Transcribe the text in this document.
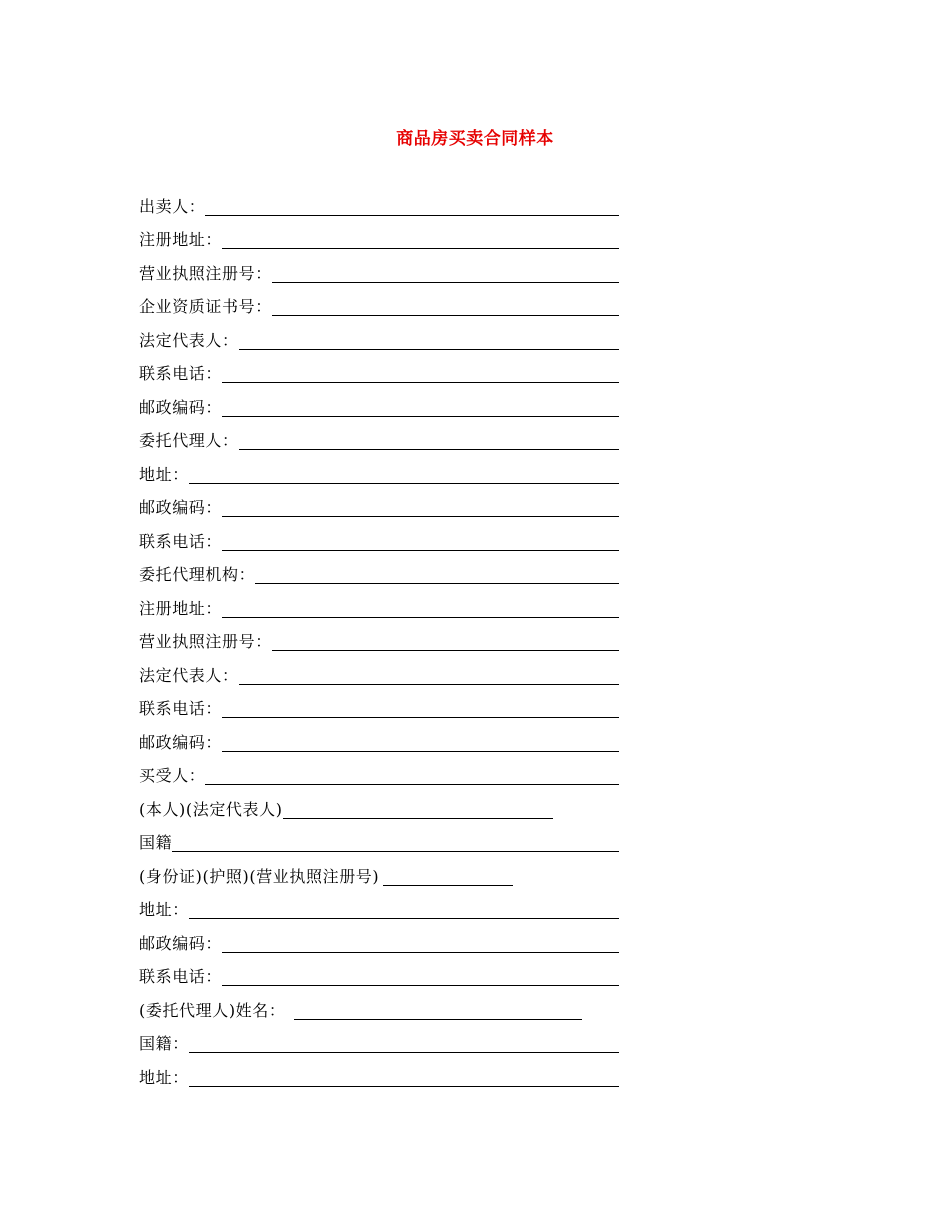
商品房买卖合同样本
出卖人：
注册地址：
营业执照注册号：
企业资质证书号：
法定代表人：
联系电话：
邮政编码：
委托代理人：
地址：
邮政编码：
联系电话：
委托代理机构：
注册地址：
营业执照注册号：
法定代表人：
联系电话：
邮政编码：
买受人：
(本人)(法定代表人)
国籍
(身份证)(护照)(营业执照注册号)
地址：
邮政编码：
联系电话：
(委托代理人)姓名：
国籍：
地址：
